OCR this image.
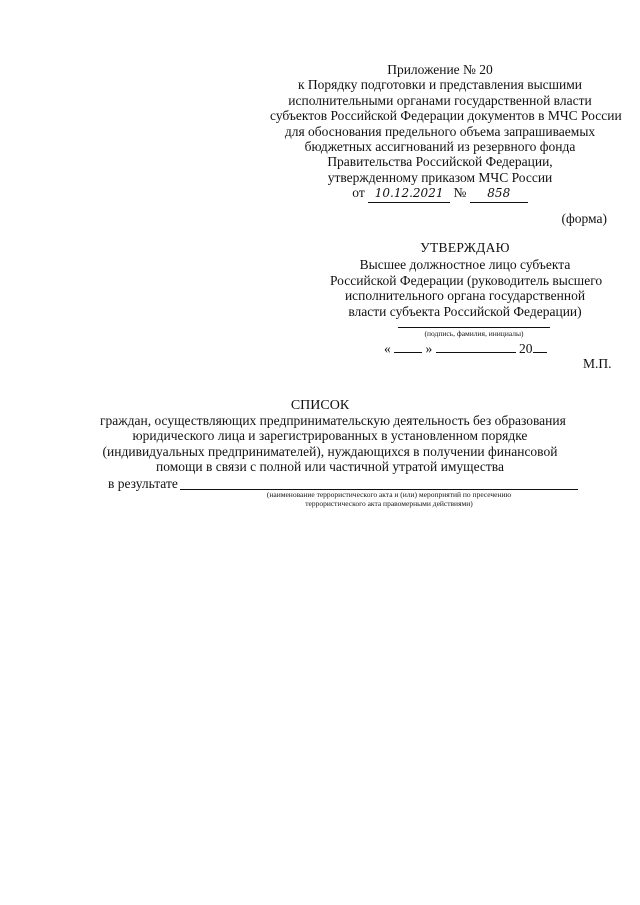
Приложение № 20
к Порядку подготовки и представления высшими
исполнительными органами государственной власти
субъектов Российской Федерации документов в МЧС России
для обоснования предельного объема запрашиваемых
бюджетных ассигнований из резервного фонда
Правительства Российской Федерации,
утвержденному приказом МЧС России
от 10.12.2021 № 858
(форма)
УТВЕРЖДАЮ
Высшее должностное лицо субъекта
Российской Федерации (руководитель высшего
исполнительного органа государственной
власти субъекта Российской Федерации)
(подпись, фамилия, инициалы)
«	»	20
М.П.
СПИСОК
граждан, осуществляющих предпринимательскую деятельность без образования
юридического лица и зарегистрированных в установленном порядке
(индивидуальных предпринимателей), нуждающихся в получении финансовой
помощи в связи с полной или частичной утратой имущества
в результате
(наименование террористического акта и (или) мероприятий по пресечению
террористического акта правомерными действиями)
